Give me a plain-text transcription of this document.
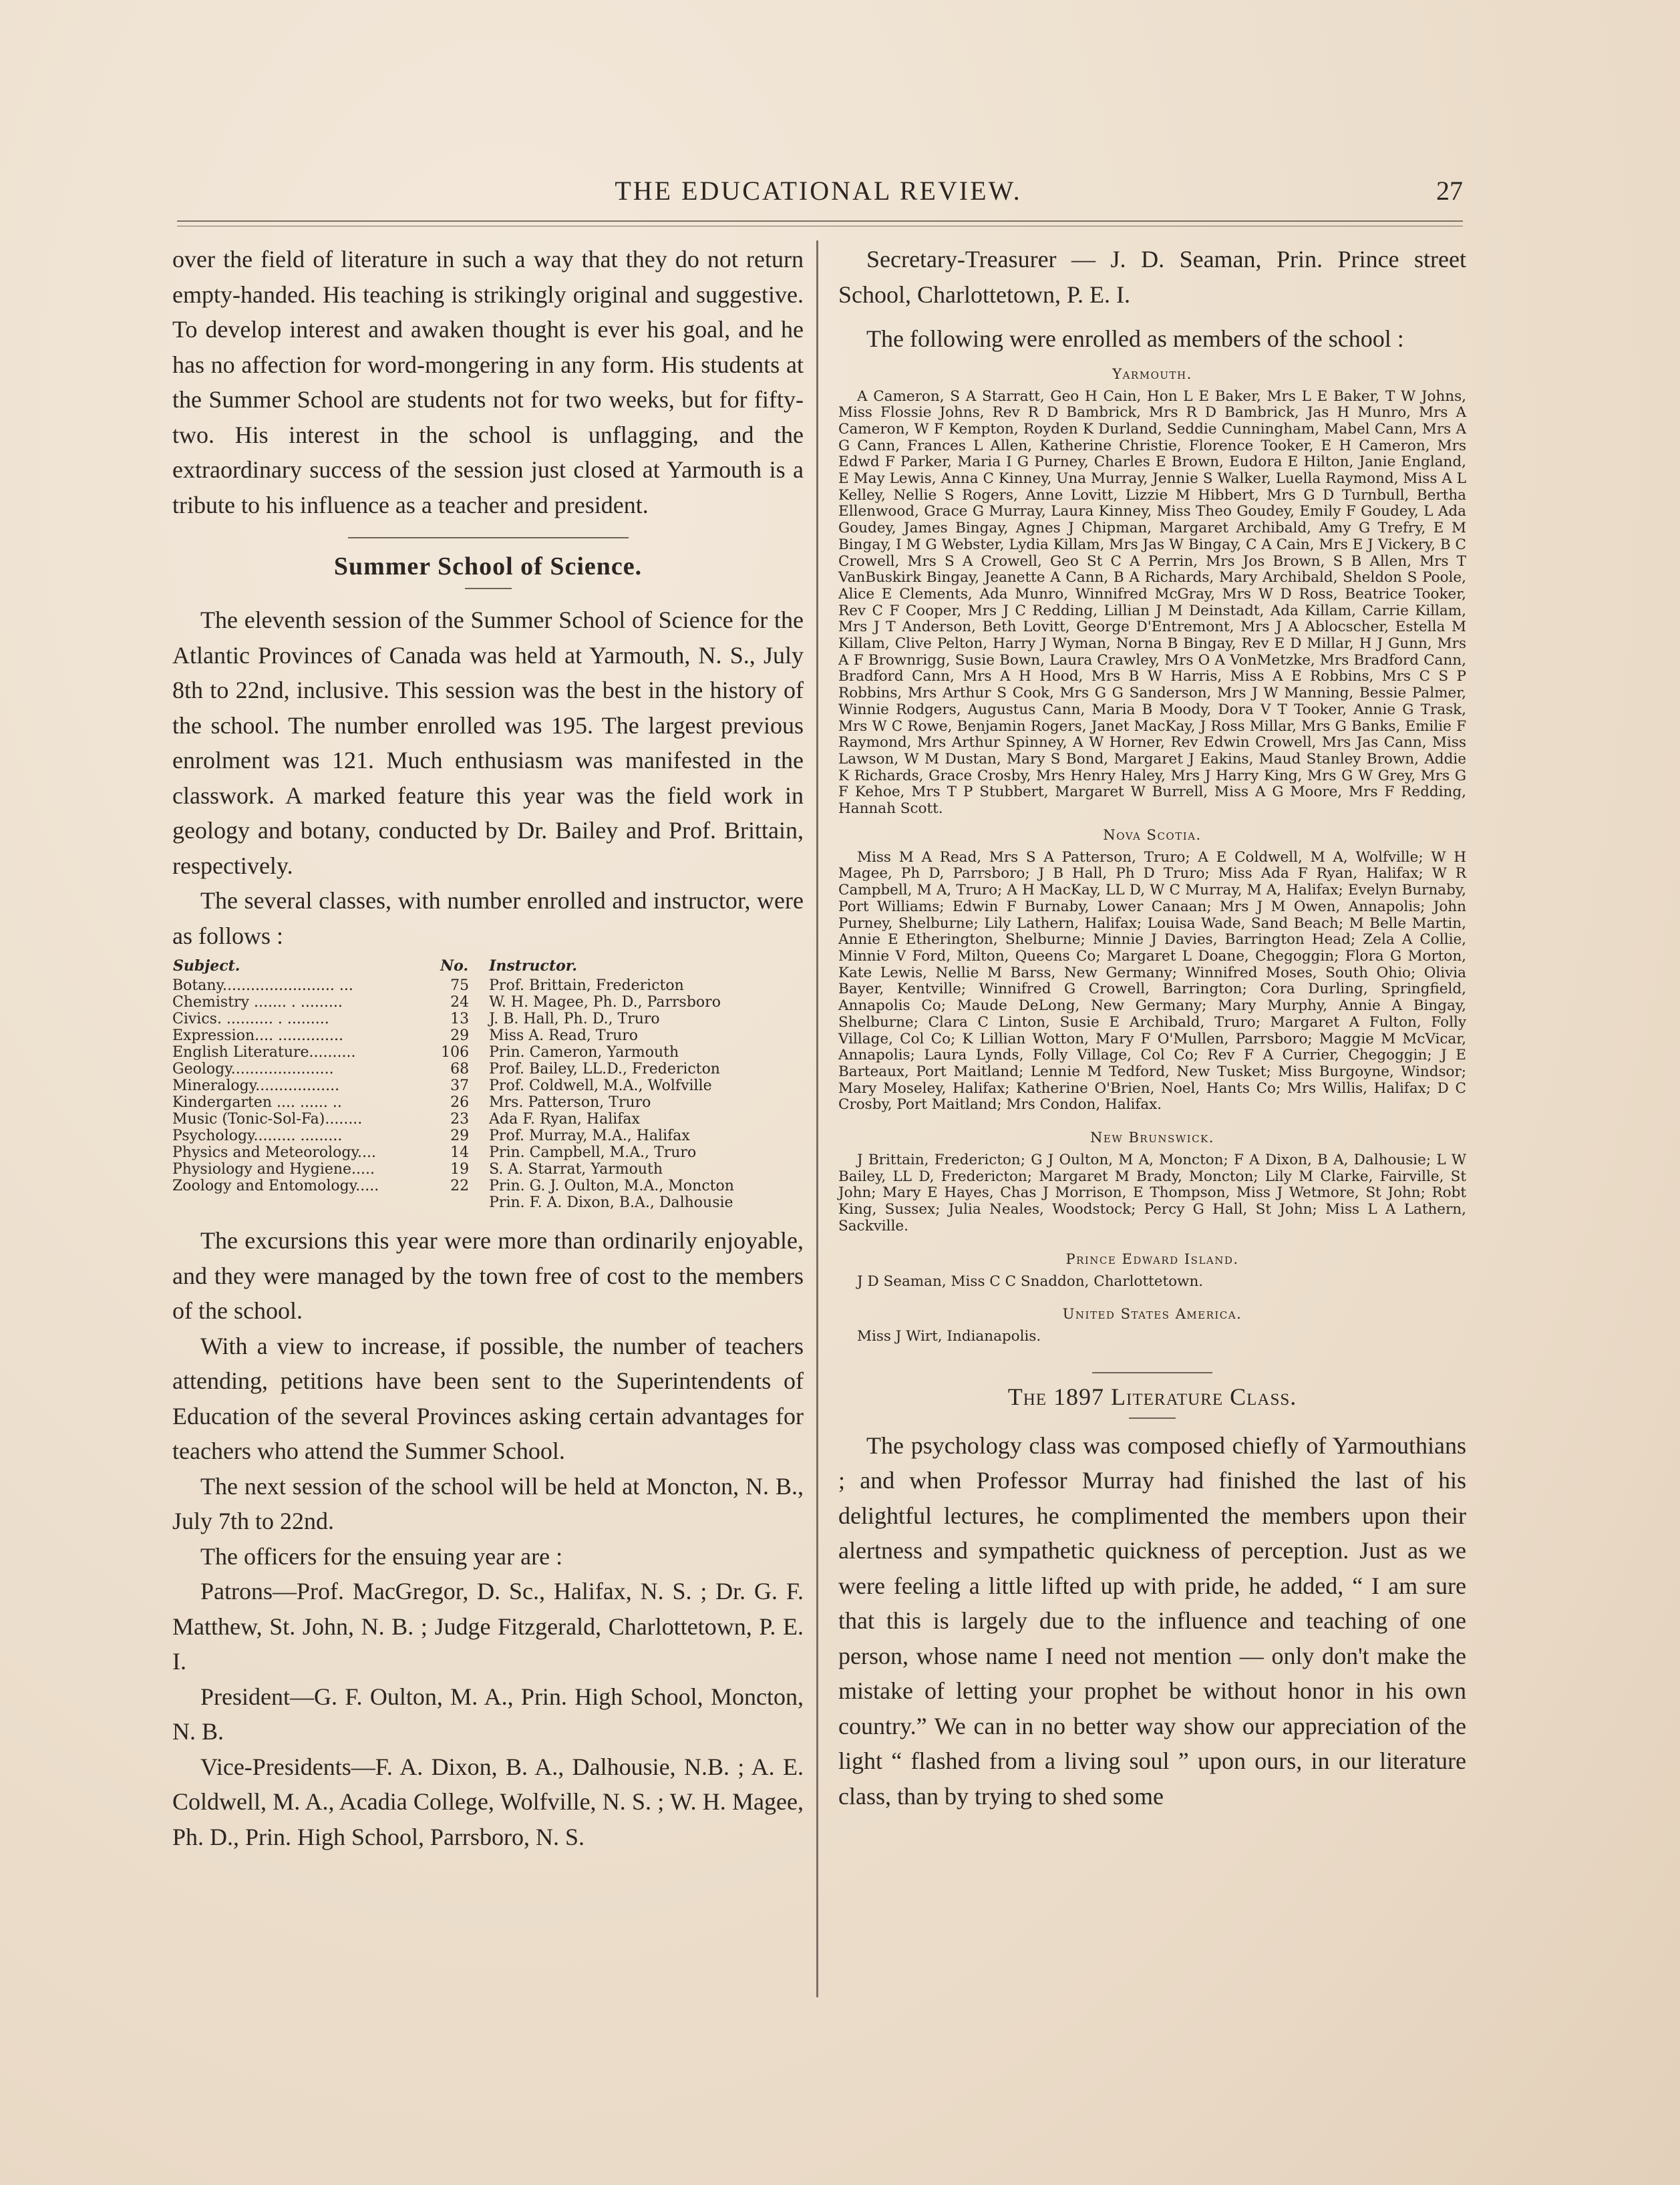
THE EDUCATIONAL REVIEW.	27

over the field of literature in such a way that they do not return empty-handed. His teaching is strikingly original and suggestive. To develop interest and awaken thought is ever his goal, and he has no affection for word-mongering in any form. His students at the Summer School are students not for two weeks, but for fifty-two. His interest in the school is unflagging, and the extraordinary success of the session just closed at Yarmouth is a tribute to his influence as a teacher and president.

Summer School of Science.

The eleventh session of the Summer School of Science for the Atlantic Provinces of Canada was held at Yarmouth, N. S., July 8th to 22nd, inclusive. This session was the best in the history of the school. The number enrolled was 195. The largest previous enrolment was 121. Much enthusiasm was manifested in the classwork. A marked feature this year was the field work in geology and botany, conducted by Dr. Bailey and Prof. Brittain, respectively.

The several classes, with number enrolled and instructor, were as follows :

Subject.	No.	Instructor.
Botany........................ ...	75	Prof. Brittain, Fredericton
Chemistry ....... . .........	24	W. H. Magee, Ph. D., Parrsboro
Civics. .......... . .........	13	J. B. Hall, Ph. D., Truro
Expression.... ..............	29	Miss A. Read, Truro
English Literature..........	106	Prin. Cameron, Yarmouth
Geology......................	68	Prof. Bailey, LL.D., Fredericton
Mineralogy..................	37	Prof. Coldwell, M.A., Wolfville
Kindergarten .... ...... ..	26	Mrs. Patterson, Truro
Music (Tonic-Sol-Fa)........	23	Ada F. Ryan, Halifax
Psychology......... .........	29	Prof. Murray, M.A., Halifax
Physics and Meteorology....	14	Prin. Campbell, M.A., Truro
Physiology and Hygiene.....	19	S. A. Starrat, Yarmouth
Zoology and Entomology.....	22	Prin. G. J. Oulton, M.A., Moncton
Prin. F. A. Dixon, B.A., Dalhousie

The excursions this year were more than ordinarily enjoyable, and they were managed by the town free of cost to the members of the school.

With a view to increase, if possible, the number of teachers attending, petitions have been sent to the Superintendents of Education of the several Provinces asking certain advantages for teachers who attend the Summer School.

The next session of the school will be held at Moncton, N. B., July 7th to 22nd.

The officers for the ensuing year are :

Patrons—Prof. MacGregor, D. Sc., Halifax, N. S. ; Dr. G. F. Matthew, St. John, N. B. ; Judge Fitzgerald, Charlottetown, P. E. I.

President—G. F. Oulton, M. A., Prin. High School, Moncton, N. B.

Vice-Presidents—F. A. Dixon, B. A., Dalhousie, N.B. ; A. E. Coldwell, M. A., Acadia College, Wolfville, N. S. ; W. H. Magee, Ph. D., Prin. High School, Parrsboro, N. S.

Secretary-Treasurer — J. D. Seaman, Prin. Prince street School, Charlottetown, P. E. I.

The following were enrolled as members of the school :

Yarmouth.

A Cameron, S A Starratt, Geo H Cain, Hon L E Baker, Mrs L E Baker, T W Johns, Miss Flossie Johns, Rev R D Bambrick, Mrs R D Bambrick, Jas H Munro, Mrs A Cameron, W F Kempton, Royden K Durland, Seddie Cunningham, Mabel Cann, Mrs A G Cann, Frances L Allen, Katherine Christie, Florence Tooker, E H Cameron, Mrs Edwd F Parker, Maria I G Purney, Charles E Brown, Eudora E Hilton, Janie England, E May Lewis, Anna C Kinney, Una Murray, Jennie S Walker, Luella Raymond, Miss A L Kelley, Nellie S Rogers, Anne Lovitt, Lizzie M Hibbert, Mrs G D Turnbull, Bertha Ellenwood, Grace G Murray, Laura Kinney, Miss Theo Goudey, Emily F Goudey, L Ada Goudey, James Bingay, Agnes J Chipman, Margaret Archibald, Amy G Trefry, E M Bingay, I M G Webster, Lydia Killam, Mrs Jas W Bingay, C A Cain, Mrs E J Vickery, B C Crowell, Mrs S A Crowell, Geo St C A Perrin, Mrs Jos Brown, S B Allen, Mrs T VanBuskirk Bingay, Jeanette A Cann, B A Richards, Mary Archibald, Sheldon S Poole, Alice E Clements, Ada Munro, Winnifred McGray, Mrs W D Ross, Beatrice Tooker, Rev C F Cooper, Mrs J C Redding, Lillian J M Deinstadt, Ada Killam, Carrie Killam, Mrs J T Anderson, Beth Lovitt, George D'Entremont, Mrs J A Ablocscher, Estella M Killam, Clive Pelton, Harry J Wyman, Norna B Bingay, Rev E D Millar, H J Gunn, Mrs A F Brownrigg, Susie Bown, Laura Crawley, Mrs O A VonMetzke, Mrs Bradford Cann, Bradford Cann, Mrs A H Hood, Mrs B W Harris, Miss A E Robbins, Mrs C S P Robbins, Mrs Arthur S Cook, Mrs G G Sanderson, Mrs J W Manning, Bessie Palmer, Winnie Rodgers, Augustus Cann, Maria B Moody, Dora V T Tooker, Annie G Trask, Mrs W C Rowe, Benjamin Rogers, Janet MacKay, J Ross Millar, Mrs G Banks, Emilie F Raymond, Mrs Arthur Spinney, A W Horner, Rev Edwin Crowell, Mrs Jas Cann, Miss Lawson, W M Dustan, Mary S Bond, Margaret J Eakins, Maud Stanley Brown, Addie K Richards, Grace Crosby, Mrs Henry Haley, Mrs J Harry King, Mrs G W Grey, Mrs G F Kehoe, Mrs T P Stubbert, Margaret W Burrell, Miss A G Moore, Mrs F Redding, Hannah Scott.

Nova Scotia.

Miss M A Read, Mrs S A Patterson, Truro; A E Coldwell, M A, Wolfville; W H Magee, Ph D, Parrsboro; J B Hall, Ph D Truro; Miss Ada F Ryan, Halifax; W R Campbell, M A, Truro; A H MacKay, LL D, W C Murray, M A, Halifax; Evelyn Burnaby, Port Williams; Edwin F Burnaby, Lower Canaan; Mrs J M Owen, Annapolis; John Purney, Shelburne; Lily Lathern, Halifax; Louisa Wade, Sand Beach; M Belle Martin, Annie E Etherington, Shelburne; Minnie J Davies, Barrington Head; Zela A Collie, Minnie V Ford, Milton, Queens Co; Margaret L Doane, Chegoggin; Flora G Morton, Kate Lewis, Nellie M Barss, New Germany; Winnifred Moses, South Ohio; Olivia Bayer, Kentville; Winnifred G Crowell, Barrington; Cora Durling, Springfield, Annapolis Co; Maude DeLong, New Germany; Mary Murphy, Annie A Bingay, Shelburne; Clara C Linton, Susie E Archibald, Truro; Margaret A Fulton, Folly Village, Col Co; K Lillian Wotton, Mary F O'Mullen, Parrsboro; Maggie M McVicar, Annapolis; Laura Lynds, Folly Village, Col Co; Rev F A Currier, Chegoggin; J E Barteaux, Port Maitland; Lennie M Tedford, New Tusket; Miss Burgoyne, Windsor; Mary Moseley, Halifax; Katherine O'Brien, Noel, Hants Co; Mrs Willis, Halifax; D C Crosby, Port Maitland; Mrs Condon, Halifax.

New Brunswick.

J Brittain, Fredericton; G J Oulton, M A, Moncton; F A Dixon, B A, Dalhousie; L W Bailey, LL D, Fredericton; Margaret M Brady, Moncton; Lily M Clarke, Fairville, St John; Mary E Hayes, Chas J Morrison, E Thompson, Miss J Wetmore, St John; Robt King, Sussex; Julia Neales, Woodstock; Percy G Hall, St John; Miss L A Lathern, Sackville.

Prince Edward Island.

J D Seaman, Miss C C Snaddon, Charlottetown.

United States America.

Miss J Wirt, Indianapolis.

The 1897 Literature Class.

The psychology class was composed chiefly of Yarmouthians ; and when Professor Murray had finished the last of his delightful lectures, he complimented the members upon their alertness and sympathetic quickness of perception. Just as we were feeling a little lifted up with pride, he added, “ I am sure that this is largely due to the influence and teaching of one person, whose name I need not mention — only don't make the mistake of letting your prophet be without honor in his own country.” We can in no better way show our appreciation of the light “ flashed from a living soul ” upon ours, in our literature class, than by trying to shed some
